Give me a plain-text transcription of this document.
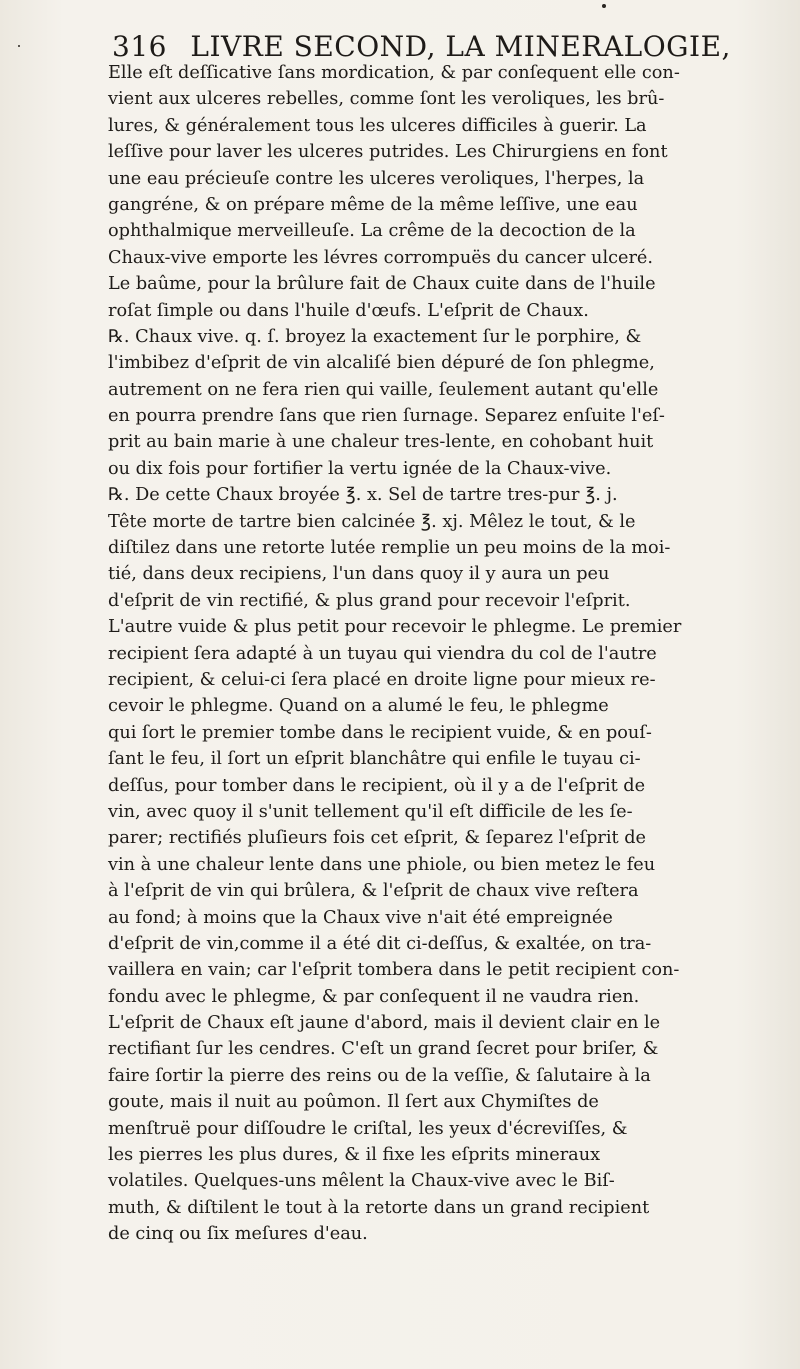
316 LIVRE SECOND, LA MINERALOGIE,
Elle eſt deſſicative ſans mordication, & par conſequent elle con-
vient aux ulceres rebelles, comme ſont les veroliques, les brû-
lures, & généralement tous les ulceres difficiles à guerir. La
leſſive pour laver les ulceres putrides. Les Chirurgiens en font
une eau précieuſe contre les ulceres veroliques, l'herpes, la
gangréne, & on prépare même de la même leſſive, une eau
ophthalmique merveilleuſe. La crême de la decoction de la
Chaux-vive emporte les lévres corrompuës du cancer ulceré.
Le baûme, pour la brûlure fait de Chaux cuite dans de l'huile
roſat ſimple ou dans l'huile d'œufs. L'eſprit de Chaux.
℞. Chaux vive. q. ſ. broyez la exactement ſur le porphire, &
l'imbibez d'eſprit de vin alcaliſé bien dépuré de ſon phlegme,
autrement on ne fera rien qui vaille, ſeulement autant qu'elle
en pourra prendre ſans que rien ſurnage. Separez enſuite l'eſ-
prit au bain marie à une chaleur tres-lente, en cohobant huit
ou dix fois pour fortifier la vertu ignée de la Chaux-vive.
℞. De cette Chaux broyée ℥. x. Sel de tartre tres-pur ℥. j.
Tête morte de tartre bien calcinée ℥. xj. Mêlez le tout, & le
diſtilez dans une retorte lutée remplie un peu moins de la moi-
tié, dans deux recipiens, l'un dans quoy il y aura un peu
d'eſprit de vin rectifié, & plus grand pour recevoir l'eſprit.
L'autre vuide & plus petit pour recevoir le phlegme. Le premier
recipient ſera adapté à un tuyau qui viendra du col de l'autre
recipient, & celui-ci ſera placé en droite ligne pour mieux re-
cevoir le phlegme. Quand on a alumé le feu, le phlegme
qui ſort le premier tombe dans le recipient vuide, & en pouſ-
ſant le feu, il ſort un eſprit blanchâtre qui enfile le tuyau ci-
deſſus, pour tomber dans le recipient, où il y a de l'eſprit de
vin, avec quoy il s'unit tellement qu'il eſt difficile de les ſe-
parer; rectifiés pluſieurs fois cet eſprit, & ſeparez l'eſprit de
vin à une chaleur lente dans une phiole, ou bien metez le feu
à l'eſprit de vin qui brûlera, & l'eſprit de chaux vive reſtera
au fond; à moins que la Chaux vive n'ait été empreignée
d'eſprit de vin,comme il a été dit ci-deſſus, & exaltée, on tra-
vaillera en vain; car l'eſprit tombera dans le petit recipient con-
fondu avec le phlegme, & par conſequent il ne vaudra rien.
L'eſprit de Chaux eſt jaune d'abord, mais il devient clair en le
rectifiant ſur les cendres. C'eſt un grand ſecret pour briſer, &
faire ſortir la pierre des reins ou de la veſſie, & ſalutaire à la
goute, mais il nuit au poûmon. Il ſert aux Chymiſtes de
menſtruë pour diſſoudre le criſtal, les yeux d'écreviſſes, &
les pierres les plus dures, & il fixe les eſprits mineraux
volatiles. Quelques-uns mêlent la Chaux-vive avec le Biſ-
muth, & diſtilent le tout à la retorte dans un grand recipient
de cinq ou ſix meſures d'eau.
